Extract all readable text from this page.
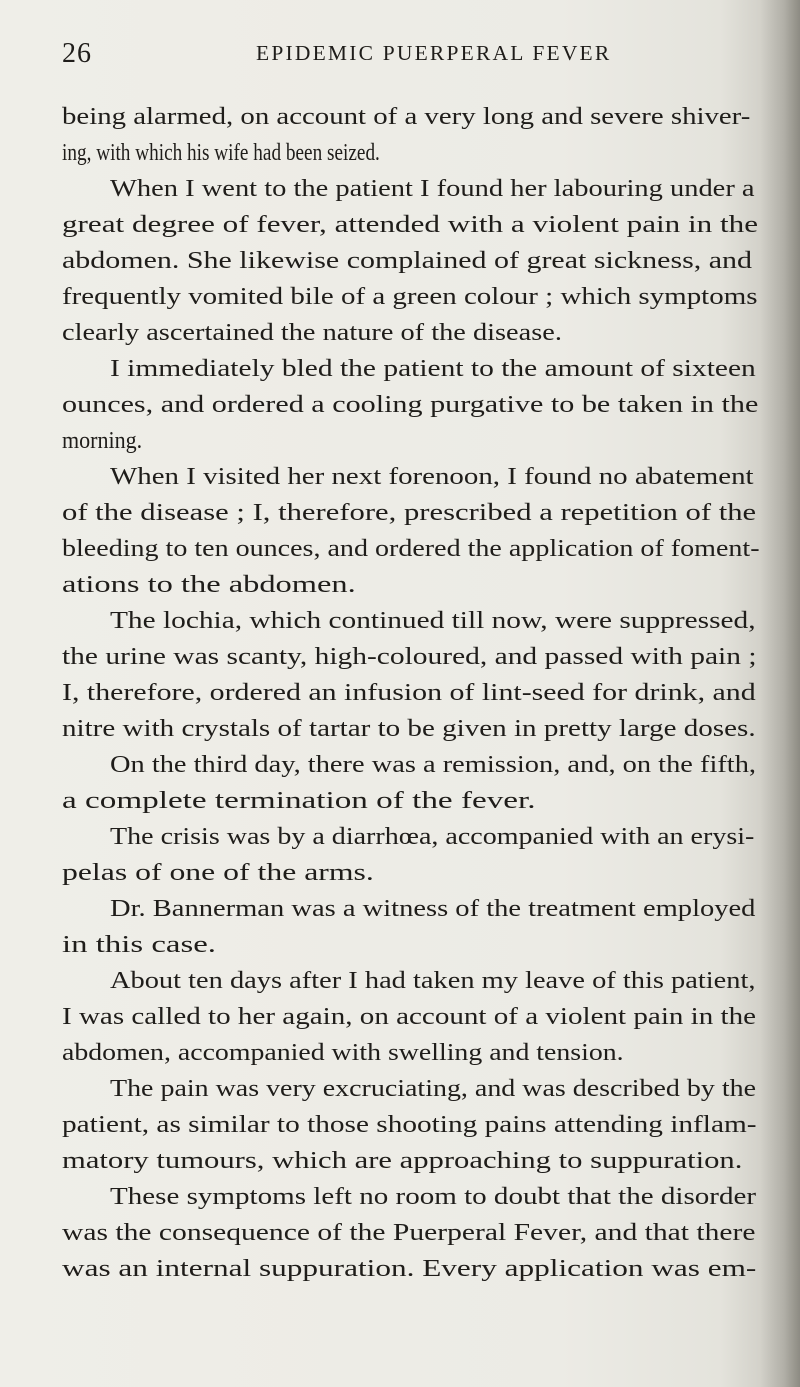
26	EPIDEMIC PUERPERAL FEVER
being alarmed, on account of a very long and severe shiver-
ing, with which his wife had been seized.
When I went to the patient I found her labouring under a
great degree of fever, attended with a violent pain in the
abdomen. She likewise complained of great sickness, and
frequently vomited bile of a green colour ; which symptoms
clearly ascertained the nature of the disease.
I immediately bled the patient to the amount of sixteen
ounces, and ordered a cooling purgative to be taken in the
morning.
When I visited her next forenoon, I found no abatement
of the disease ; I, therefore, prescribed a repetition of the
bleeding to ten ounces, and ordered the application of foment-
ations to the abdomen.
The lochia, which continued till now, were suppressed,
the urine was scanty, high-coloured, and passed with pain ;
I, therefore, ordered an infusion of lint-seed for drink, and
nitre with crystals of tartar to be given in pretty large doses.
On the third day, there was a remission, and, on the fifth,
a complete termination of the fever.
The crisis was by a diarrhœa, accompanied with an erysi-
pelas of one of the arms.
Dr. Bannerman was a witness of the treatment employed
in this case.
About ten days after I had taken my leave of this patient,
I was called to her again, on account of a violent pain in the
abdomen, accompanied with swelling and tension.
The pain was very excruciating, and was described by the
patient, as similar to those shooting pains attending inflam-
matory tumours, which are approaching to suppuration.
These symptoms left no room to doubt that the disorder
was the consequence of the Puerperal Fever, and that there
was an internal suppuration. Every application was em-
